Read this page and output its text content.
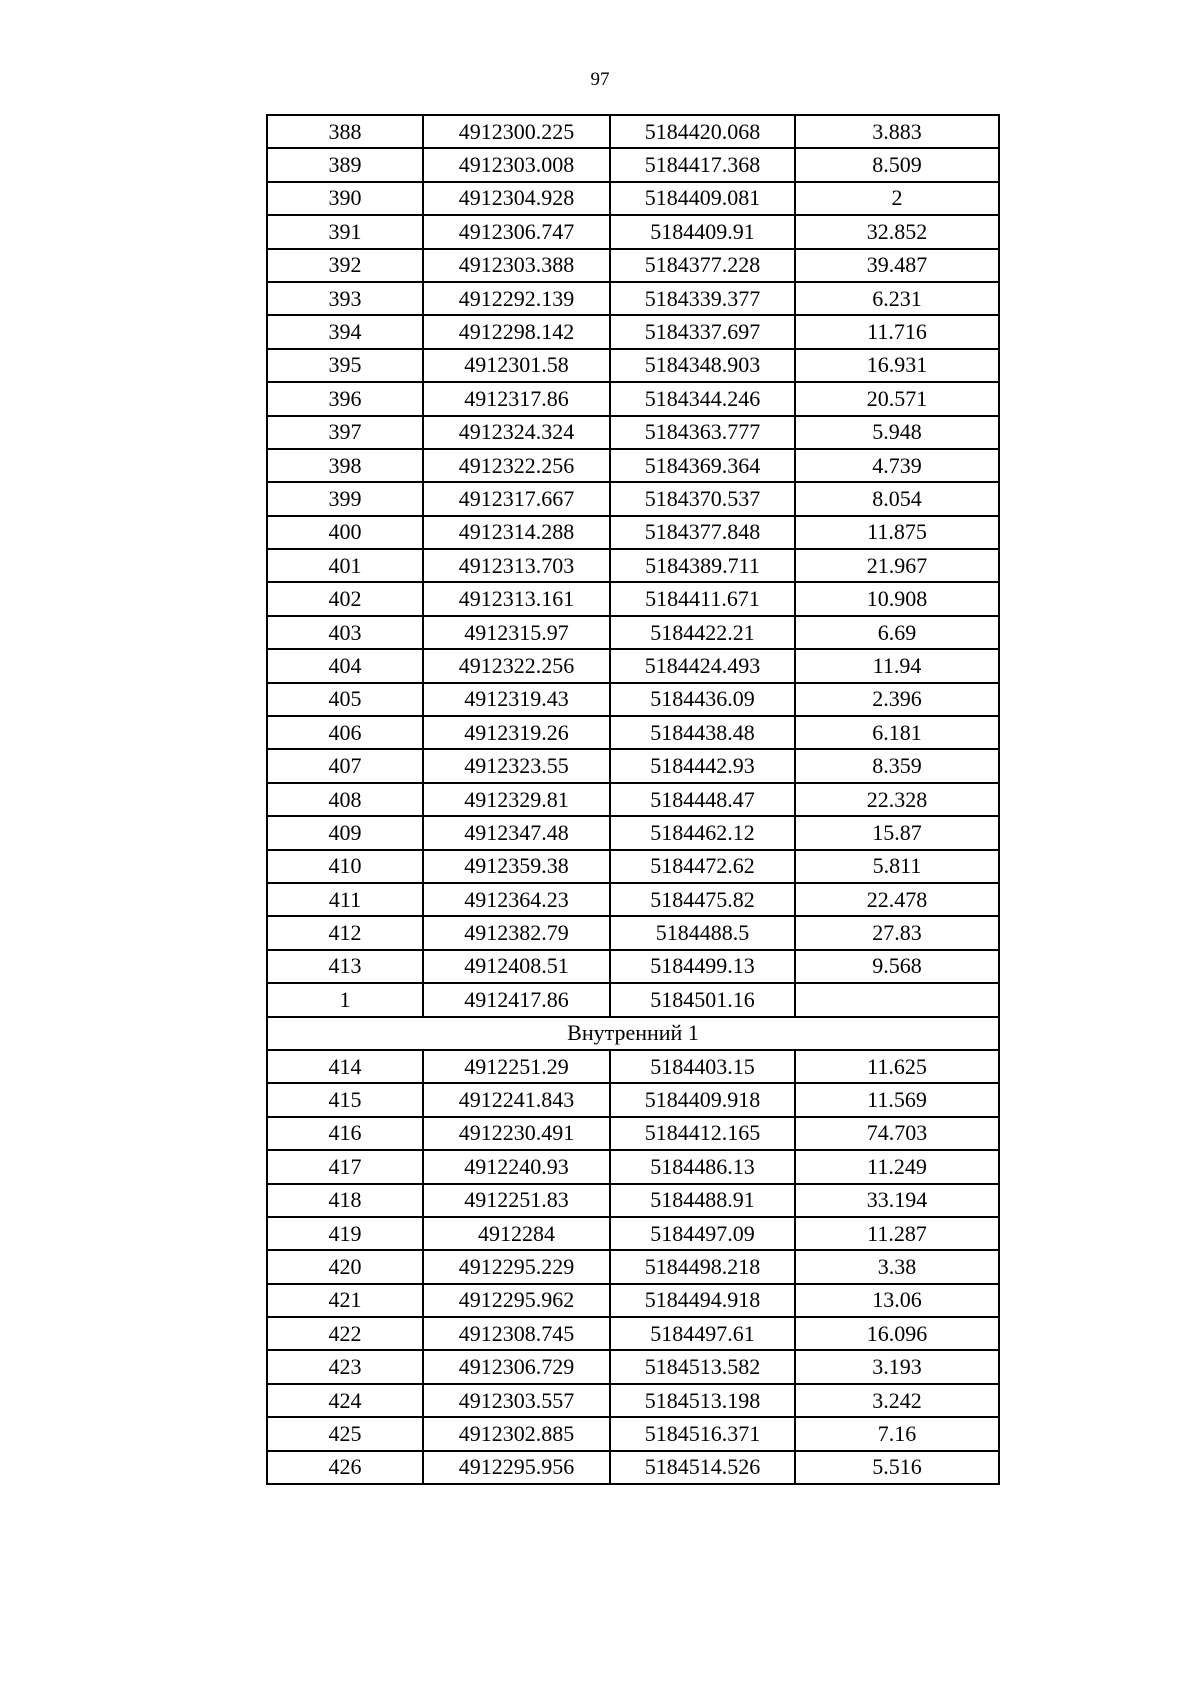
97
388	4912300.225	5184420.068	3.883
389	4912303.008	5184417.368	8.509
390	4912304.928	5184409.081	2
391	4912306.747	5184409.91	32.852
392	4912303.388	5184377.228	39.487
393	4912292.139	5184339.377	6.231
394	4912298.142	5184337.697	11.716
395	4912301.58	5184348.903	16.931
396	4912317.86	5184344.246	20.571
397	4912324.324	5184363.777	5.948
398	4912322.256	5184369.364	4.739
399	4912317.667	5184370.537	8.054
400	4912314.288	5184377.848	11.875
401	4912313.703	5184389.711	21.967
402	4912313.161	5184411.671	10.908
403	4912315.97	5184422.21	6.69
404	4912322.256	5184424.493	11.94
405	4912319.43	5184436.09	2.396
406	4912319.26	5184438.48	6.181
407	4912323.55	5184442.93	8.359
408	4912329.81	5184448.47	22.328
409	4912347.48	5184462.12	15.87
410	4912359.38	5184472.62	5.811
411	4912364.23	5184475.82	22.478
412	4912382.79	5184488.5	27.83
413	4912408.51	5184499.13	9.568
1	4912417.86	5184501.16	
Внутренний 1			
414	4912251.29	5184403.15	11.625
415	4912241.843	5184409.918	11.569
416	4912230.491	5184412.165	74.703
417	4912240.93	5184486.13	11.249
418	4912251.83	5184488.91	33.194
419	4912284	5184497.09	11.287
420	4912295.229	5184498.218	3.38
421	4912295.962	5184494.918	13.06
422	4912308.745	5184497.61	16.096
423	4912306.729	5184513.582	3.193
424	4912303.557	5184513.198	3.242
425	4912302.885	5184516.371	7.16
426	4912295.956	5184514.526	5.516
